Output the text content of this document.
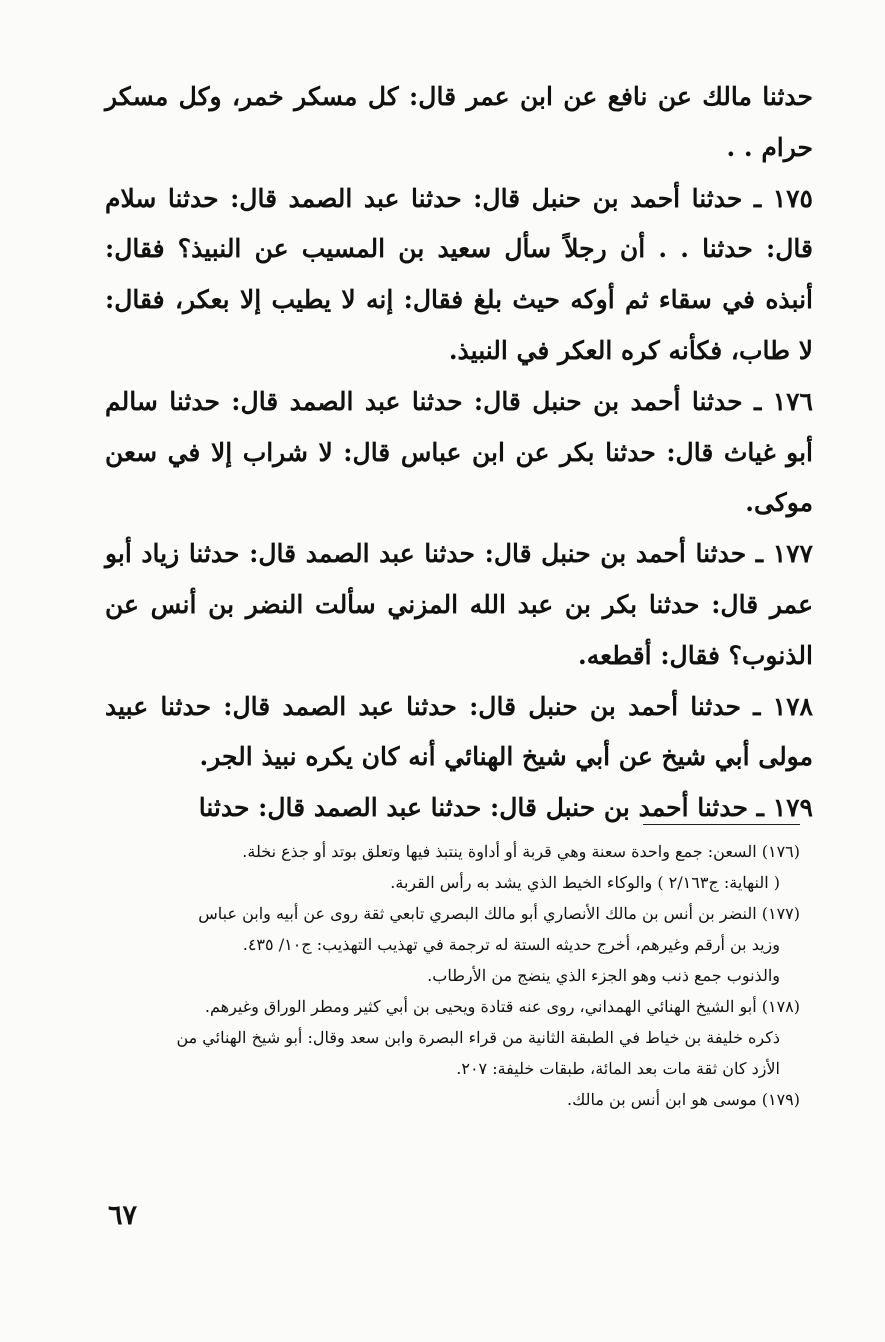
حدثنا مالك عن نافع عن ابن عمر قال: كل مسكر خمر، وكل مسكر حرام . .

١٧٥ ـ حدثنا أحمد بن حنبل قال: حدثنا عبد الصمد قال: حدثنا سلام قال: حدثنا . . أن رجلاً سأل سعيد بن المسيب عن النبيذ؟ فقال: أنبذه في سقاء ثم أوكه حيث بلغ فقال: إنه لا يطيب إلا بعكر، فقال: لا طاب، فكأنه كره العكر في النبيذ.

١٧٦ ـ حدثنا أحمد بن حنبل قال: حدثنا عبد الصمد قال: حدثنا سالم أبو غياث قال: حدثنا بكر عن ابن عباس قال: لا شراب إلا في سعن موكى.

١٧٧ ـ حدثنا أحمد بن حنبل قال: حدثنا عبد الصمد قال: حدثنا زياد أبو عمر قال: حدثنا بكر بن عبد الله المزني سألت النضر بن أنس عن الذنوب؟ فقال: أقطعه.

١٧٨ ـ حدثنا أحمد بن حنبل قال: حدثنا عبد الصمد قال: حدثنا عبيد مولى أبي شيخ عن أبي شيخ الهنائي أنه كان يكره نبيذ الجر.

١٧٩ ـ حدثنا أحمد بن حنبل قال: حدثنا عبد الصمد قال: حدثنا

(١٧٦) السعن: جمع واحدة سعنة وهي قربة أو أداوة ينتبذ فيها وتعلق بوتد أو جذع نخلة.

( النهاية: ج٢/١٦٣ ) والوكاء الخيط الذي يشد به رأس القربة.

(١٧٧) النضر بن أنس بن مالك الأنصاري أبو مالك البصري تابعي ثقة روى عن أبيه وابن عباس

وزيد بن أرقم وغيرهم، أخرج حديثه الستة له ترجمة في تهذيب التهذيب: ج١٠/ ٤٣٥.

والذنوب جمع ذنب وهو الجزء الذي ينضج من الأرطاب.

(١٧٨) أبو الشيخ الهنائي الهمداني، روى عنه قتادة ويحيى بن أبي كثير ومطر الوراق وغيرهم.

ذكره خليفة بن خياط في الطبقة الثانية من قراء البصرة وابن سعد وقال: أبو شيخ الهنائي من

الأزد كان ثقة مات بعد المائة، طبقات خليفة: ٢٠٧.

(١٧٩) موسى هو ابن أنس بن مالك.

٦٧
